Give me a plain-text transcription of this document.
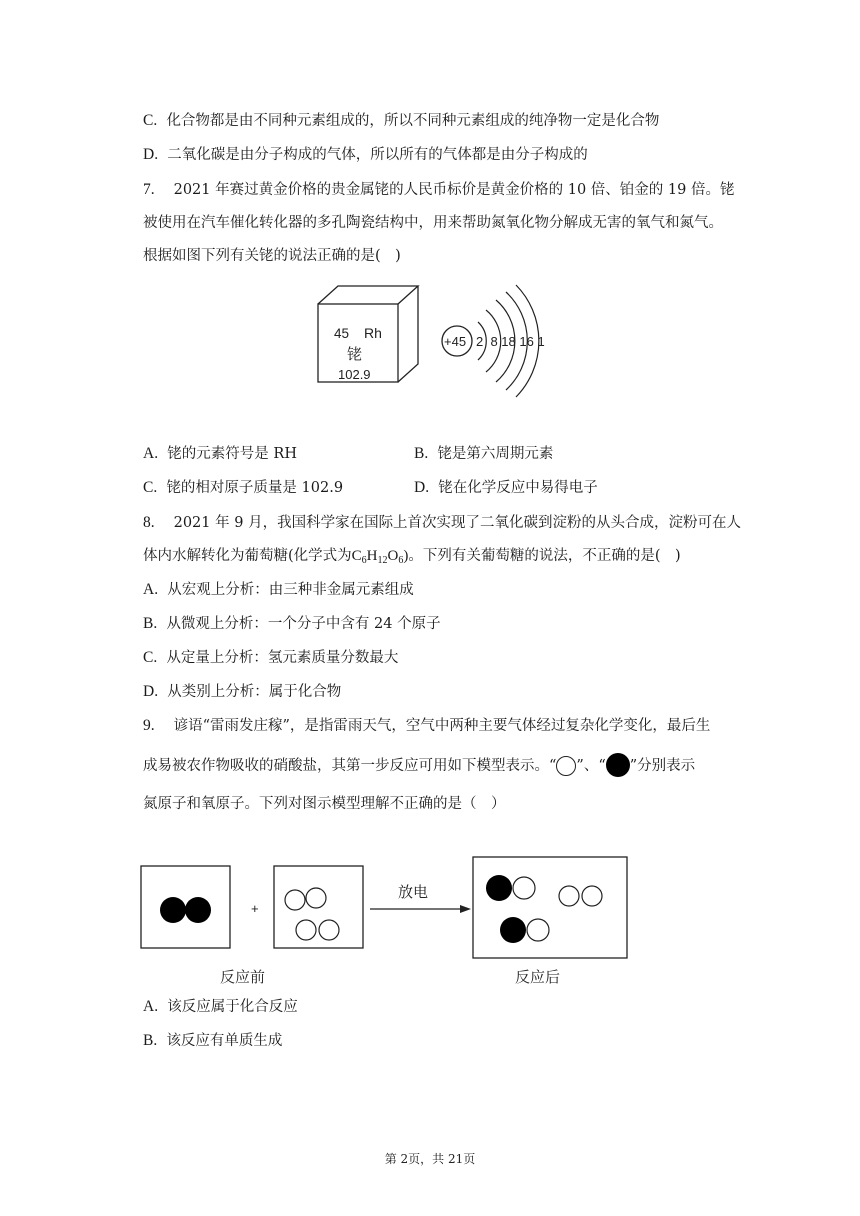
C. 化合物都是由不同种元素组成的，所以不同种元素组成的纯净物一定是化合物
D. 二氧化碳是由分子构成的气体，所以所有的气体都是由分子构成的
7. 2021 年赛过黄金价格的贵金属铑的人民币标价是黄金价格的 10 倍、铂金的 19 倍。铑
被使用在汽车催化转化器的多孔陶瓷结构中，用来帮助氮氧化物分解成无害的氧气和氮气。
根据如图下列有关铑的说法正确的是(　)
45 Rh
铑
102.9
+45 2  8 18 16 1
A. 铑的元素符号是 RH	B. 铑是第六周期元素
C. 铑的相对原子质量是 102.9	D. 铑在化学反应中易得电子
8. 2021 年 9 月，我国科学家在国际上首次实现了二氧化碳到淀粉的从头合成，淀粉可在人
体内水解转化为葡萄糖(化学式为$C_6H_{12}O_6$)。下列有关葡萄糖的说法，不正确的是(　)
A. 从宏观上分析：由三种非金属元素组成
B. 从微观上分析：一个分子中含有 24 个原子
C. 从定量上分析：氢元素质量分数最大
D. 从类别上分析：属于化合物
9. 谚语“雷雨发庄稼”，是指雷雨天气，空气中两种主要气体经过复杂化学变化，最后生
成易被农作物吸收的硝酸盐，其第一步反应可用如下模型表示。“ ”、“ ”分别表示
氮原子和氧原子。下列对图示模型理解不正确的是（　）
+
放电
反应前	反应后
A. 该反应属于化合反应
B. 该反应有单质生成
第 2页，共 21页
